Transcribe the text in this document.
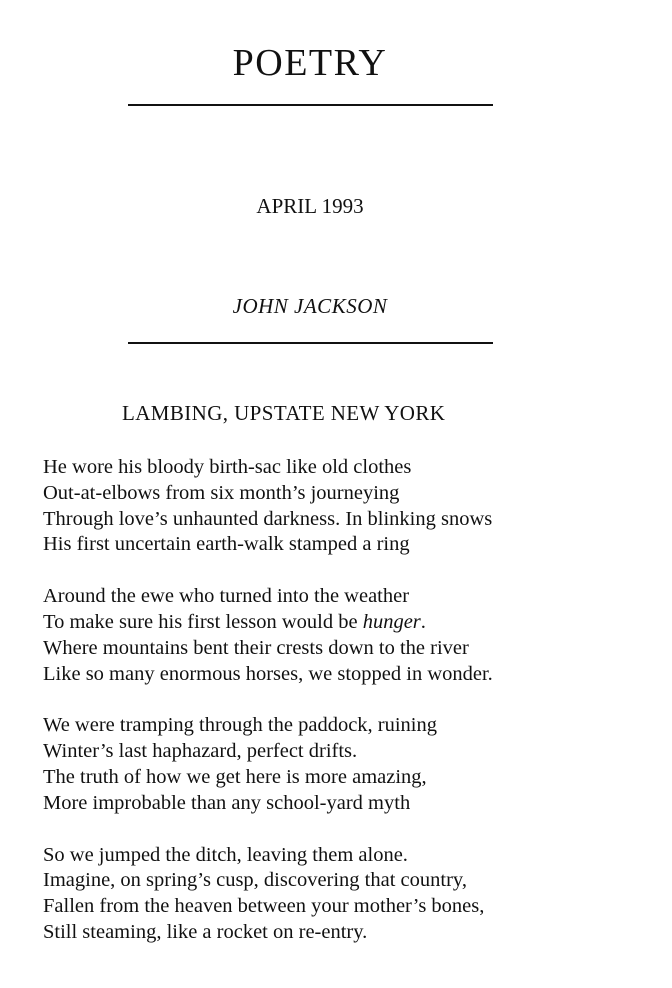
POETRY
APRIL 1993
JOHN JACKSON
LAMBING, UPSTATE NEW YORK
He wore his bloody birth-sac like old clothes
Out-at-elbows from six month’s journeying
Through love’s unhaunted darkness. In blinking snows
His first uncertain earth-walk stamped a ring
Around the ewe who turned into the weather
To make sure his first lesson would be hunger.
Where mountains bent their crests down to the river
Like so many enormous horses, we stopped in wonder.
We were tramping through the paddock, ruining
Winter’s last haphazard, perfect drifts.
The truth of how we get here is more amazing,
More improbable than any school-yard myth
So we jumped the ditch, leaving them alone.
Imagine, on spring’s cusp, discovering that country,
Fallen from the heaven between your mother’s bones,
Still steaming, like a rocket on re-entry.
